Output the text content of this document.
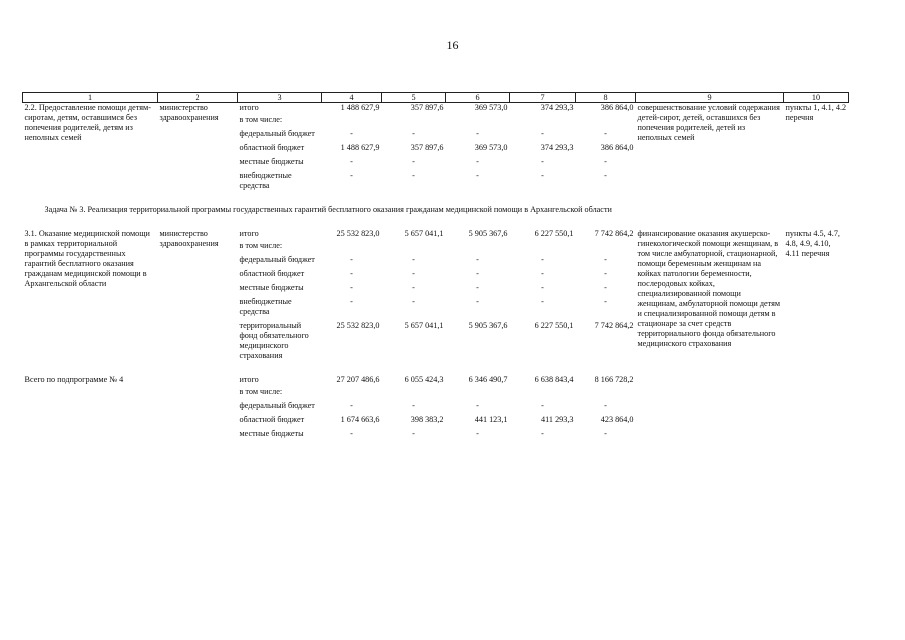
16
1	2	3	4	5	6	7	8	9	10
2.2. Предоставление помощи детям-сиротам, детям, оставшимся без попечения родителей, детям из неполных семей	министерство здравоохранения	итого	1 488 627,9	357 897,6	369 573,0	374 293,3	386 864,0	совершенствование условий содержания детей-сирот, детей, оставшихся без попечения родителей, детей из неполных семей	пункты 1, 4.1, 4.2 перечня
		в том числе:							
		федеральный бюджет	-	-	-	-	-		
		областной бюджет	1 488 627,9	357 897,6	369 573,0	374 293,3	386 864,0		
		местные бюджеты	-	-	-	-	-		
		внебюджетные средства	-	-	-	-	-		
Задача № 3. Реализация территориальной программы государственных гарантий бесплатного оказания гражданам медицинской помощи в Архангельской области									
3.1. Оказание медицинской помощи в рамках территориальной программы государственных гарантий бесплатного оказания гражданам медицинской помощи в Архангельской области	министерство здравоохранения	итого	25 532 823,0	5 657 041,1	5 905 367,6	6 227 550,1	7 742 864,2	финансирование оказания акушерско-гинекологической помощи женщинам, в том числе амбулаторной, стационарной, помощи беременным женщинам на койках патологии беременности, послеродовых койках, специализированной помощи женщинам, амбулаторной помощи детям и специализированной помощи детям в стационаре за счет средств территориального фонда обязательного медицинского страхования	пункты 4.5, 4.7, 4.8, 4.9, 4.10, 4.11 перечня
		в том числе:							
		федеральный бюджет	-	-	-	-	-		
		областной бюджет	-	-	-	-	-		
		местные бюджеты	-	-	-	-	-		
		внебюджетные средства	-	-	-	-	-		
		территориальный фонд обязательного медицинского страхования	25 532 823,0	5 657 041,1	5 905 367,6	6 227 550,1	7 742 864,2		

Всего по подпрограмме № 4		итого	27 207 486,6	6 055 424,3	6 346 490,7	6 638 843,4	8 166 728,2		
		в том числе:							
		федеральный бюджет	-	-	-	-	-		
		областной бюджет	1 674 663,6	398 383,2	441 123,1	411 293,3	423 864,0		
		местные бюджеты	-	-	-	-	-		
